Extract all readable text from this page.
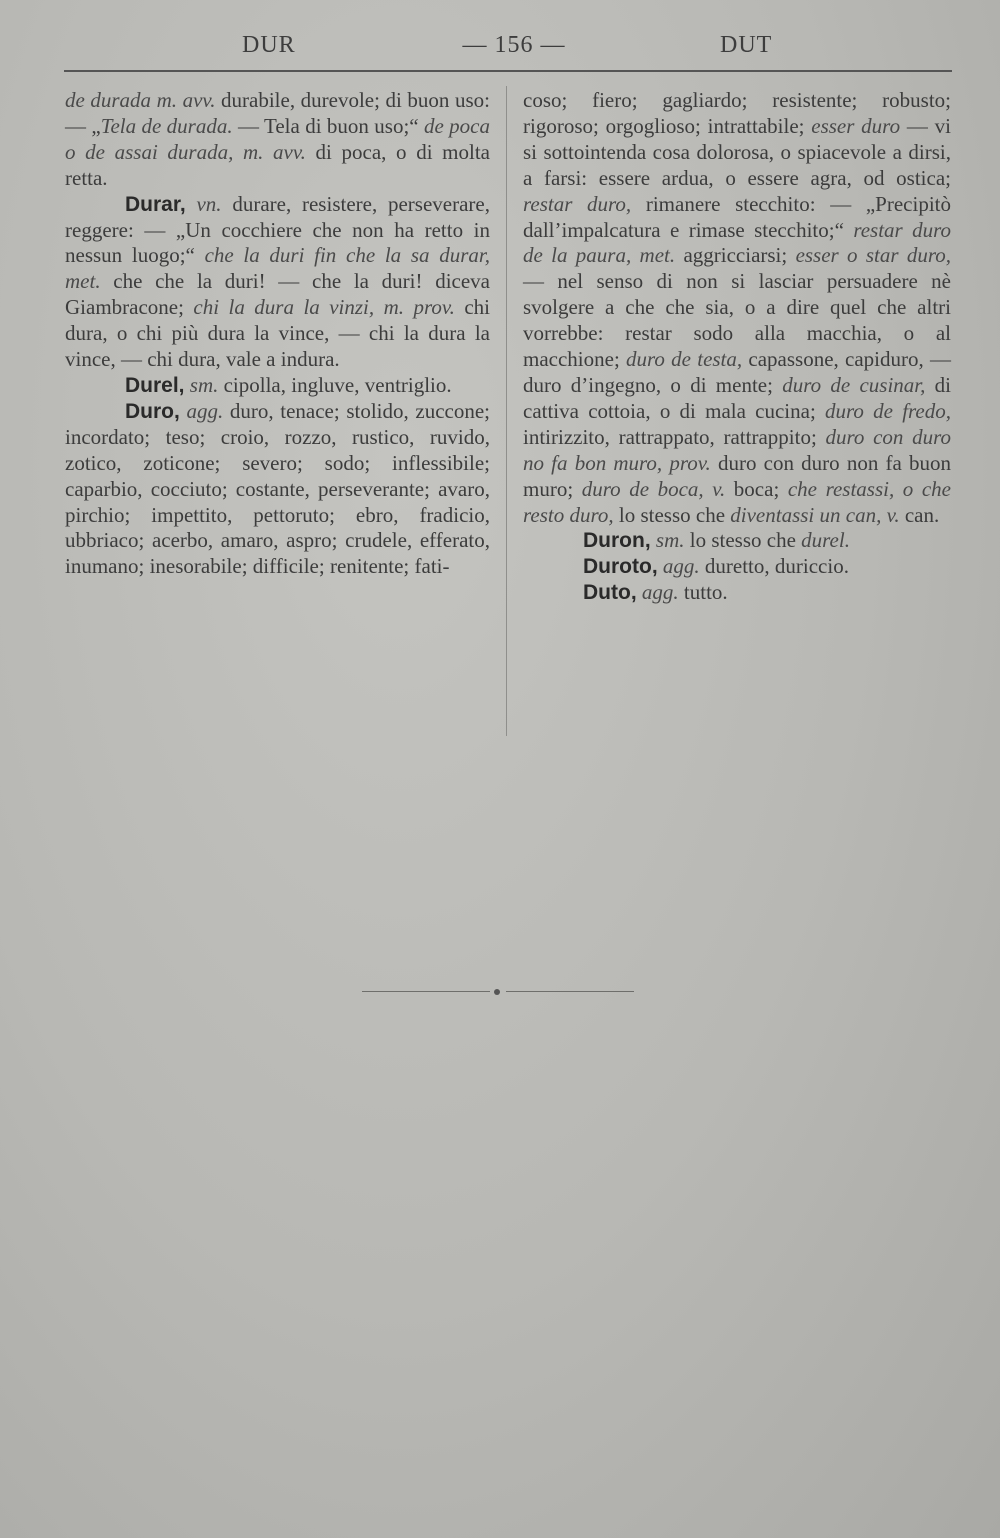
DUR	— 156 —	DUT

de durada m. avv. durabile, durevole; di buon uso: — „Tela de durada. — Tela di buon uso;“ de poca o de assai durada, m. avv. di poca, o di molta retta.

Durar, vn. durare, resistere, perseverare, reggere: — „Un cocchiere che non ha retto in nessun luogo;“ che la duri fin che la sa durar, met. che che la duri! — che la duri! diceva Giambracone; chi la dura la vinzi, m. prov. chi dura, o chi più dura la vince, — chi la dura la vince, — chi dura, vale a indura.

Durel, sm. cipolla, ingluve, ventriglio.

Duro, agg. duro, tenace; stolido, zuccone; incordato; teso; croio, rozzo, rustico, ruvido, zotico, zoticone; severo; sodo; inflessibile; caparbio, cocciuto; costante, perseverante; avaro, pirchio; impettito, pettoruto; ebro, fradicio, ubbriaco; acerbo, amaro, aspro; crudele, efferato, inumano; inesorabile; difficile; renitente; fati-

coso; fiero; gagliardo; resistente; robusto; rigoroso; orgoglioso; intrattabile; esser duro — vi si sottointenda cosa dolorosa, o spiacevole a dirsi, a farsi: essere ardua, o essere agra, od ostica; restar duro, rimanere stecchito: — „Precipitò dall’impalcatura e rimase stecchito;“ restar duro de la paura, met. aggricciarsi; esser o star duro, — nel senso di non si lasciar persuadere nè svolgere a che che sia, o a dire quel che altri vorrebbe: restar sodo alla macchia, o al macchione; duro de testa, capassone, capiduro, — duro d’ingegno, o di mente; duro de cusinar, di cattiva cottoia, o di mala cucina; duro de fredo, intirizzito, rattrappato, rattrappito; duro con duro no fa bon muro, prov. duro con duro non fa buon muro; duro de boca, v. boca; che restassi, o che resto duro, lo stesso che diventassi un can, v. can.

Duron, sm. lo stesso che durel.

Duroto, agg. duretto, duriccio.

Duto, agg. tutto.
